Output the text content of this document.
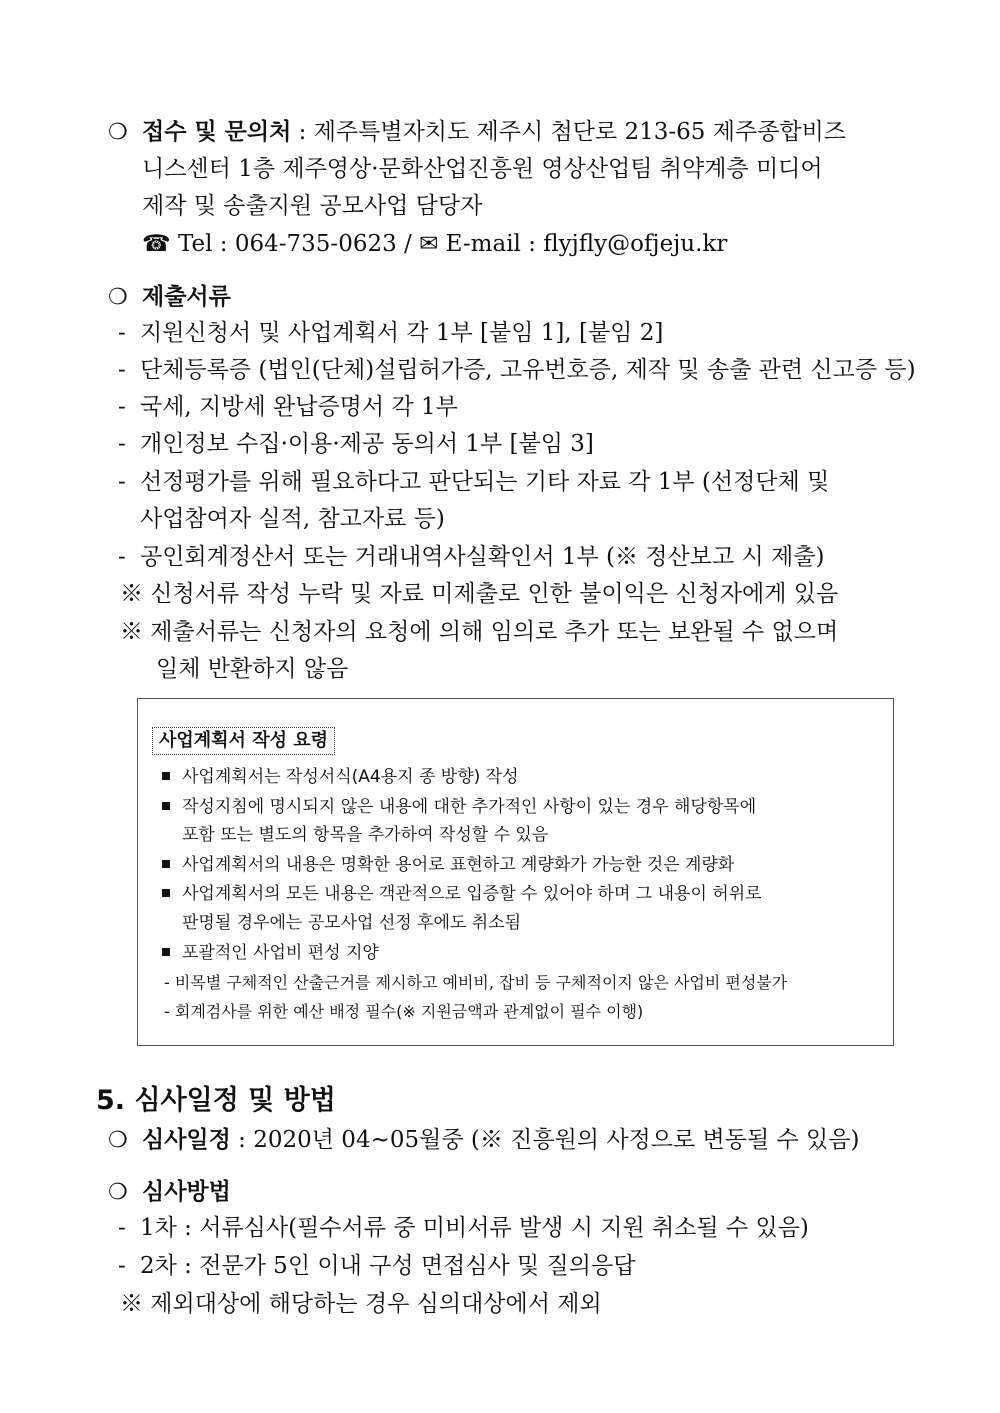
❍ 접수 및 문의처 : 제주특별자치도 제주시 첨단로 213-65 제주종합비즈
니스센터 1층 제주영상·문화산업진흥원 영상산업팀 취약계층 미디어
제작 및 송출지원 공모사업 담당자
☎ Tel : 064-735-0623 / ✉ E-mail : flyjfly@ofjeju.kr
❍ 제출서류
- 지원신청서 및 사업계획서 각 1부 [붙임 1], [붙임 2]
- 단체등록증 (법인(단체)설립허가증, 고유번호증, 제작 및 송출 관련 신고증 등)
- 국세, 지방세 완납증명서 각 1부
- 개인정보 수집·이용·제공 동의서 1부 [붙임 3]
- 선정평가를 위해 필요하다고 판단되는 기타 자료 각 1부 (선정단체 및
사업참여자 실적, 참고자료 등)
- 공인회계정산서 또는 거래내역사실확인서 1부 (※ 정산보고 시 제출)
※ 신청서류 작성 누락 및 자료 미제출로 인한 불이익은 신청자에게 있음
※ 제출서류는 신청자의 요청에 의해 임의로 추가 또는 보완될 수 없으며
일체 반환하지 않음
사업계획서 작성 요령
사업계획서는 작성서식(A4용지 종 방향) 작성
작성지침에 명시되지 않은 내용에 대한 추가적인 사항이 있는 경우 해당항목에
포함 또는 별도의 항목을 추가하여 작성할 수 있음
사업계획서의 내용은 명확한 용어로 표현하고 계량화가 가능한 것은 계량화
사업계획서의 모든 내용은 객관적으로 입증할 수 있어야 하며 그 내용이 허위로
판명될 경우에는 공모사업 선정 후에도 취소됨
포괄적인 사업비 편성 지양
- 비목별 구체적인 산출근거를 제시하고 예비비, 잡비 등 구체적이지 않은 사업비 편성불가
- 회계검사를 위한 예산 배정 필수(※ 지원금액과 관계없이 필수 이행)
5. 심사일정 및 방법
❍ 심사일정 : 2020년 04~05월중 (※ 진흥원의 사정으로 변동될 수 있음)
❍ 심사방법
- 1차 : 서류심사(필수서류 중 미비서류 발생 시 지원 취소될 수 있음)
- 2차 : 전문가 5인 이내 구성 면접심사 및 질의응답
※ 제외대상에 해당하는 경우 심의대상에서 제외
